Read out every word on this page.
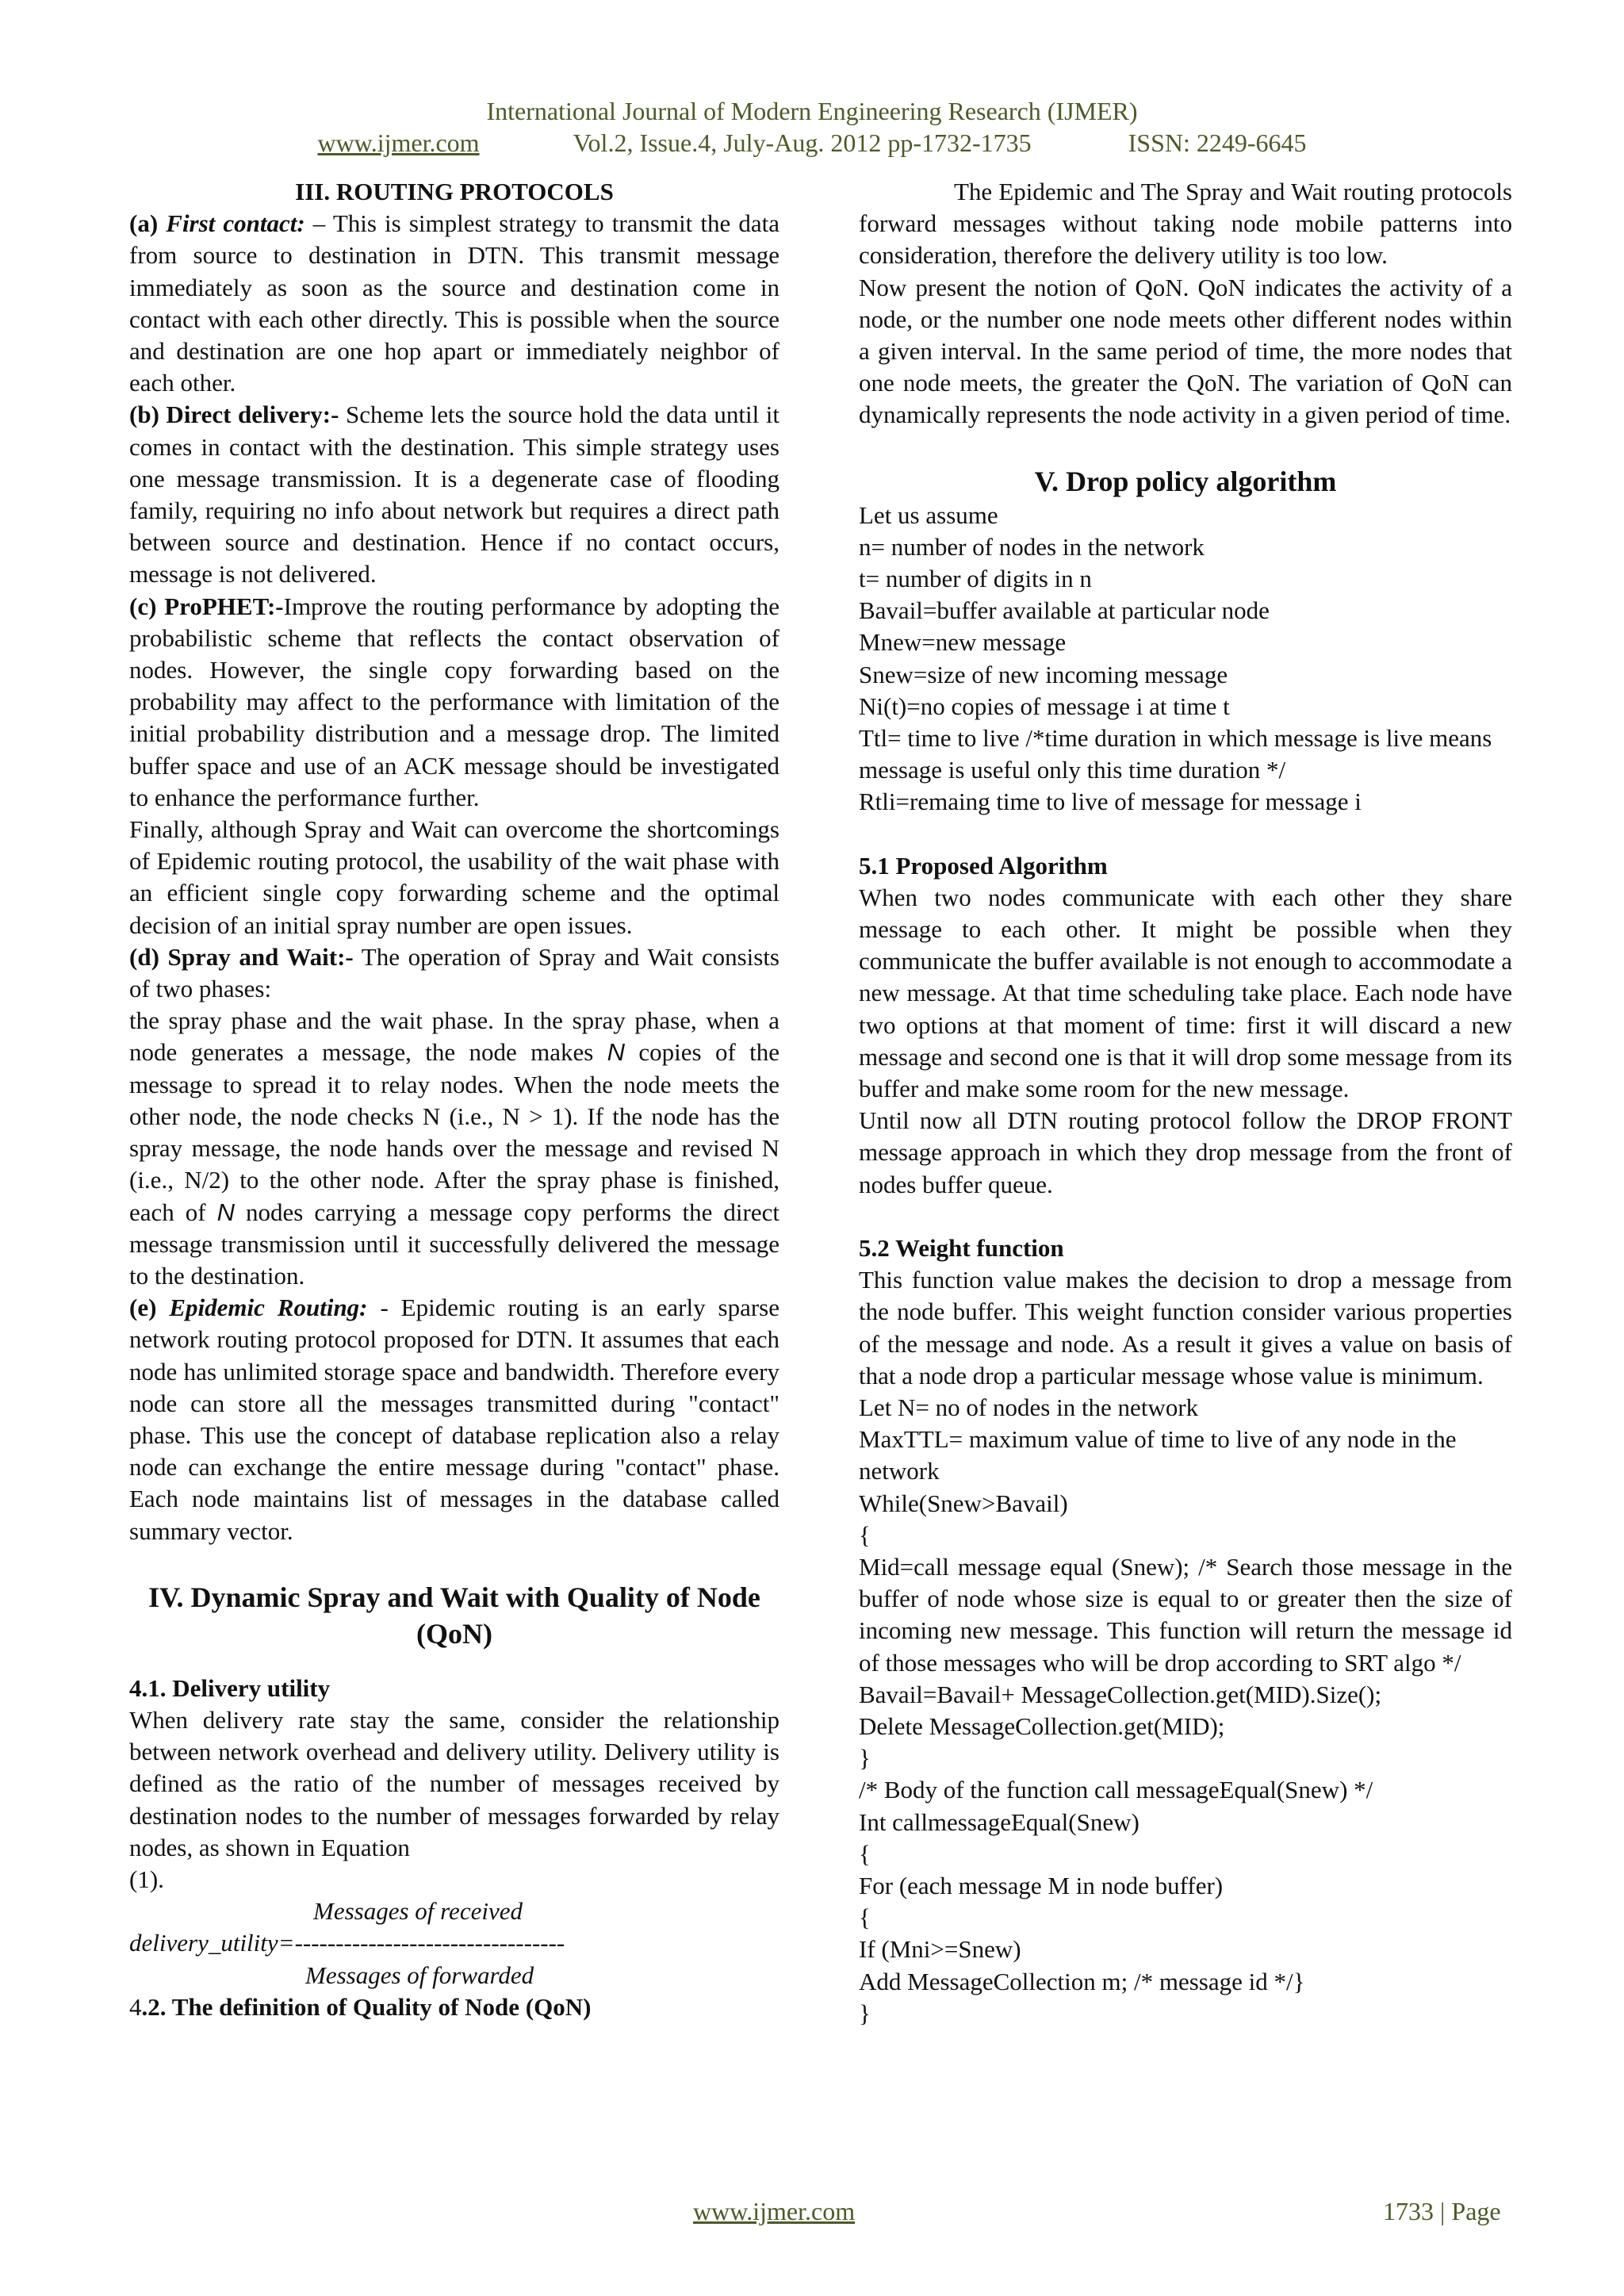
International Journal of Modern Engineering Research (IJMER)
www.ijmer.com	Vol.2, Issue.4, July-Aug. 2012 pp-1732-1735	ISSN: 2249-6645

III. ROUTING PROTOCOLS

(a) First contact: – This is simplest strategy to transmit the data from source to destination in DTN. This transmit message immediately as soon as the source and destination come in contact with each other directly. This is possible when the source and destination are one hop apart or immediately neighbor of each other.

(b) Direct delivery:- Scheme lets the source hold the data until it comes in contact with the destination. This simple strategy uses one message transmission. It is a degenerate case of flooding family, requiring no info about network but requires a direct path between source and destination. Hence if no contact occurs, message is not delivered.

(c) ProPHET:-Improve the routing performance by adopting the probabilistic scheme that reflects the contact observation of nodes. However, the single copy forwarding based on the probability may affect to the performance with limitation of the initial probability distribution and a message drop. The limited buffer space and use of an ACK message should be investigated to enhance the performance further.

Finally, although Spray and Wait can overcome the shortcomings of Epidemic routing protocol, the usability of the wait phase with an efficient single copy forwarding scheme and the optimal decision of an initial spray number are open issues.

(d) Spray and Wait:- The operation of Spray and Wait consists of two phases:

the spray phase and the wait phase. In the spray phase, when a node generates a message, the node makes N copies of the message to spread it to relay nodes. When the node meets the other node, the node checks N (i.e., N > 1). If the node has the spray message, the node hands over the message and revised N (i.e., N/2) to the other node. After the spray phase is finished, each of N nodes carrying a message copy performs the direct message transmission until it successfully delivered the message to the destination.

(e) Epidemic Routing: - Epidemic routing is an early sparse network routing protocol proposed for DTN. It assumes that each node has unlimited storage space and bandwidth. Therefore every node can store all the messages transmitted during "contact" phase. This use the concept of database replication also a relay node can exchange the entire message during "contact" phase. Each node maintains list of messages in the database called summary vector.

IV. Dynamic Spray and Wait with Quality of Node (QoN)

4.1. Delivery utility

When delivery rate stay the same, consider the relationship between network overhead and delivery utility. Delivery utility is defined as the ratio of the number of messages received by destination nodes to the number of messages forwarded by relay nodes, as shown in Equation

(1).

Messages of received

delivery_utility=---------------------------------

Messages of forwarded

4.2. The definition of Quality of Node (QoN)

The Epidemic and The Spray and Wait routing protocols forward messages without taking node mobile patterns into consideration, therefore the delivery utility is too low.

Now present the notion of QoN. QoN indicates the activity of a node, or the number one node meets other different nodes within a given interval. In the same period of time, the more nodes that one node meets, the greater the QoN. The variation of QoN can dynamically represents the node activity in a given period of time.

V. Drop policy algorithm

Let us assume

n= number of nodes in the network

t= number of digits in n

Bavail=buffer available at particular node

Mnew=new message

Snew=size of new incoming message

Ni(t)=no copies of message i at time t

Ttl= time to live /*time duration in which message is live means message is useful only this time duration */

Rtli=remaing time to live of message for message i

5.1 Proposed Algorithm

When two nodes communicate with each other they share message to each other. It might be possible when they communicate the buffer available is not enough to accommodate a new message. At that time scheduling take place. Each node have two options at that moment of time: first it will discard a new message and second one is that it will drop some message from its buffer and make some room for the new message.

Until now all DTN routing protocol follow the DROP FRONT message approach in which they drop message from the front of nodes buffer queue.

5.2 Weight function

This function value makes the decision to drop a message from the node buffer. This weight function consider various properties of the message and node. As a result it gives a value on basis of that a node drop a particular message whose value is minimum.

Let N= no of nodes in the network

MaxTTL= maximum value of time to live of any node in the network

While(Snew>Bavail)

{

Mid=call message equal (Snew); /* Search those message in the buffer of node whose size is equal to or greater then the size of incoming new message. This function will return the message id of those messages who will be drop according to SRT algo */

Bavail=Bavail+ MessageCollection.get(MID).Size();

Delete MessageCollection.get(MID);

}

/* Body of the function call messageEqual(Snew) */

Int callmessageEqual(Snew)

{

For (each message M in node buffer)

{

If (Mni>=Snew)

Add MessageCollection m; /* message id */}

}

www.ijmer.com	1733 | Page
